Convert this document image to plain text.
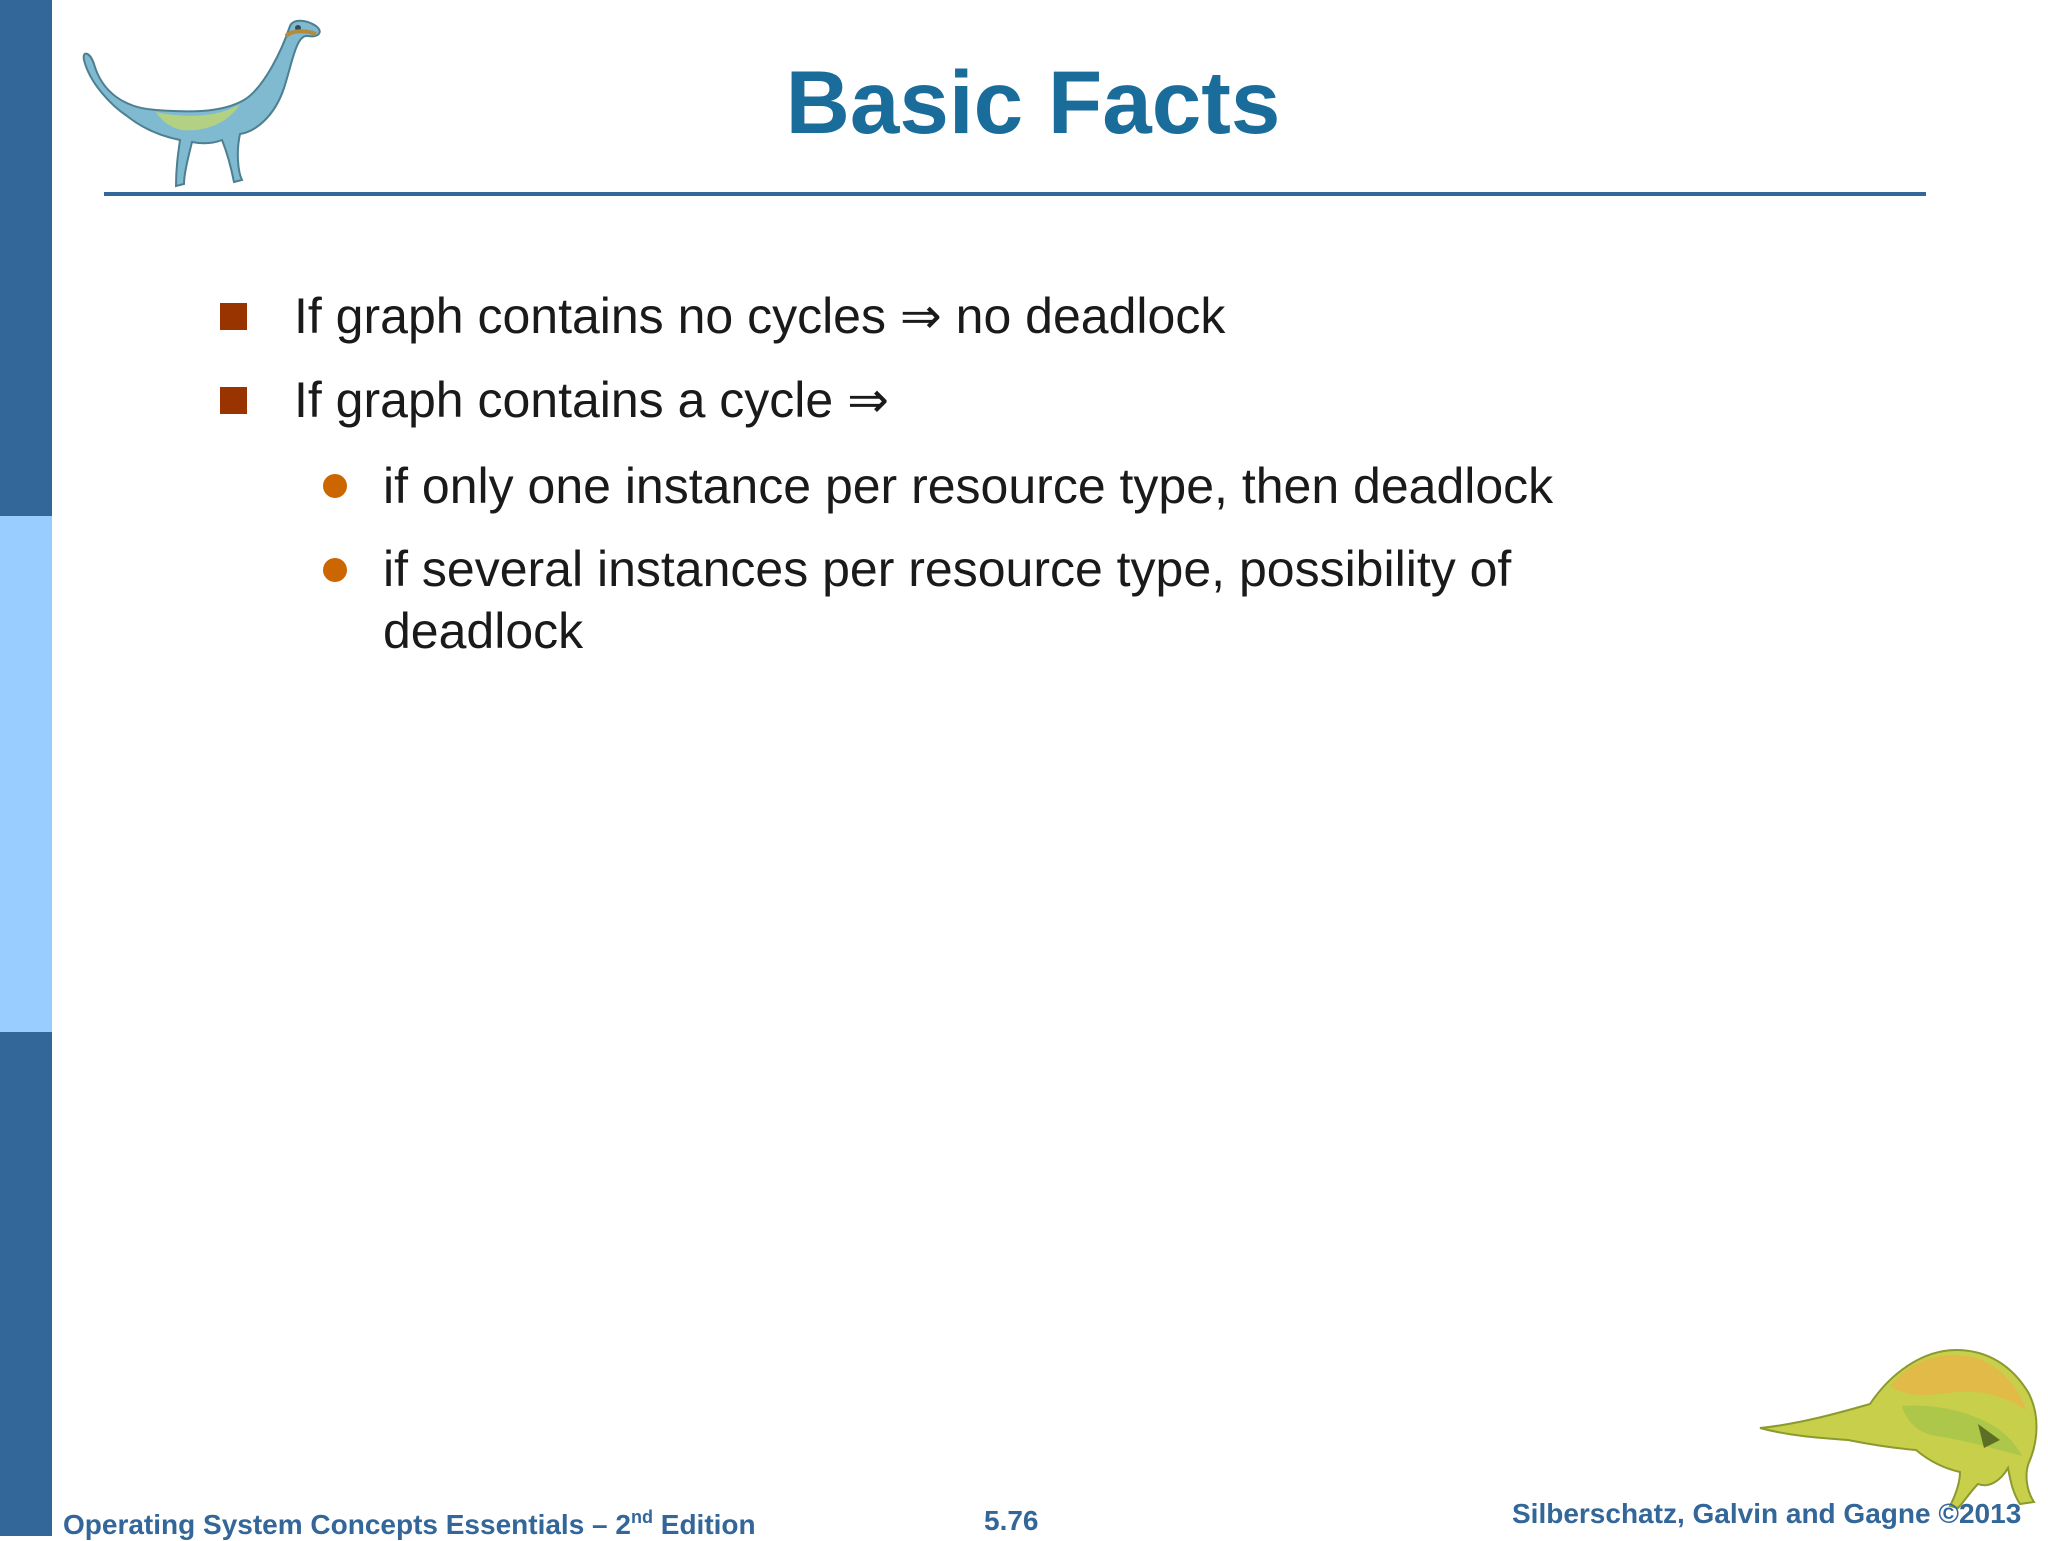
Basic Facts
If graph contains no cycles ⇒ no deadlock
If graph contains a cycle ⇒
if only one instance per resource type, then deadlock
if several instances per resource type, possibility of deadlock
Operating System Concepts Essentials – 2nd Edition	5.76	Silberschatz, Galvin and Gagne ©2013
